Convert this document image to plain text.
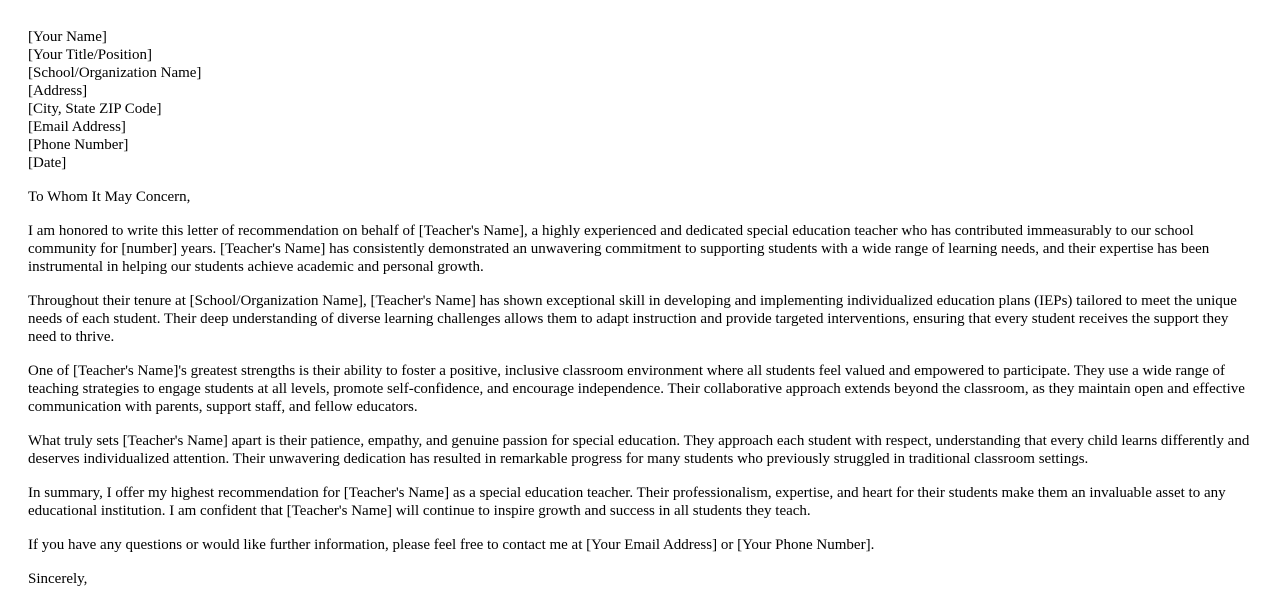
[Your Name]
[Your Title/Position]
[School/Organization Name]
[Address]
[City, State ZIP Code]
[Email Address]
[Phone Number]
[Date]

To Whom It May Concern,

I am honored to write this letter of recommendation on behalf of [Teacher's Name], a highly experienced and dedicated special education teacher who has contributed immeasurably to our school community for [number] years. [Teacher's Name] has consistently demonstrated an unwavering commitment to supporting students with a wide range of learning needs, and their expertise has been instrumental in helping our students achieve academic and personal growth.

Throughout their tenure at [School/Organization Name], [Teacher's Name] has shown exceptional skill in developing and implementing individualized education plans (IEPs) tailored to meet the unique needs of each student. Their deep understanding of diverse learning challenges allows them to adapt instruction and provide targeted interventions, ensuring that every student receives the support they need to thrive.

One of [Teacher's Name]'s greatest strengths is their ability to foster a positive, inclusive classroom environment where all students feel valued and empowered to participate. They use a wide range of teaching strategies to engage students at all levels, promote self-confidence, and encourage independence. Their collaborative approach extends beyond the classroom, as they maintain open and effective communication with parents, support staff, and fellow educators.

What truly sets [Teacher's Name] apart is their patience, empathy, and genuine passion for special education. They approach each student with respect, understanding that every child learns differently and deserves individualized attention. Their unwavering dedication has resulted in remarkable progress for many students who previously struggled in traditional classroom settings.

In summary, I offer my highest recommendation for [Teacher's Name] as a special education teacher. Their professionalism, expertise, and heart for their students make them an invaluable asset to any educational institution. I am confident that [Teacher's Name] will continue to inspire growth and success in all students they teach.

If you have any questions or would like further information, please feel free to contact me at [Your Email Address] or [Your Phone Number].

Sincerely,
